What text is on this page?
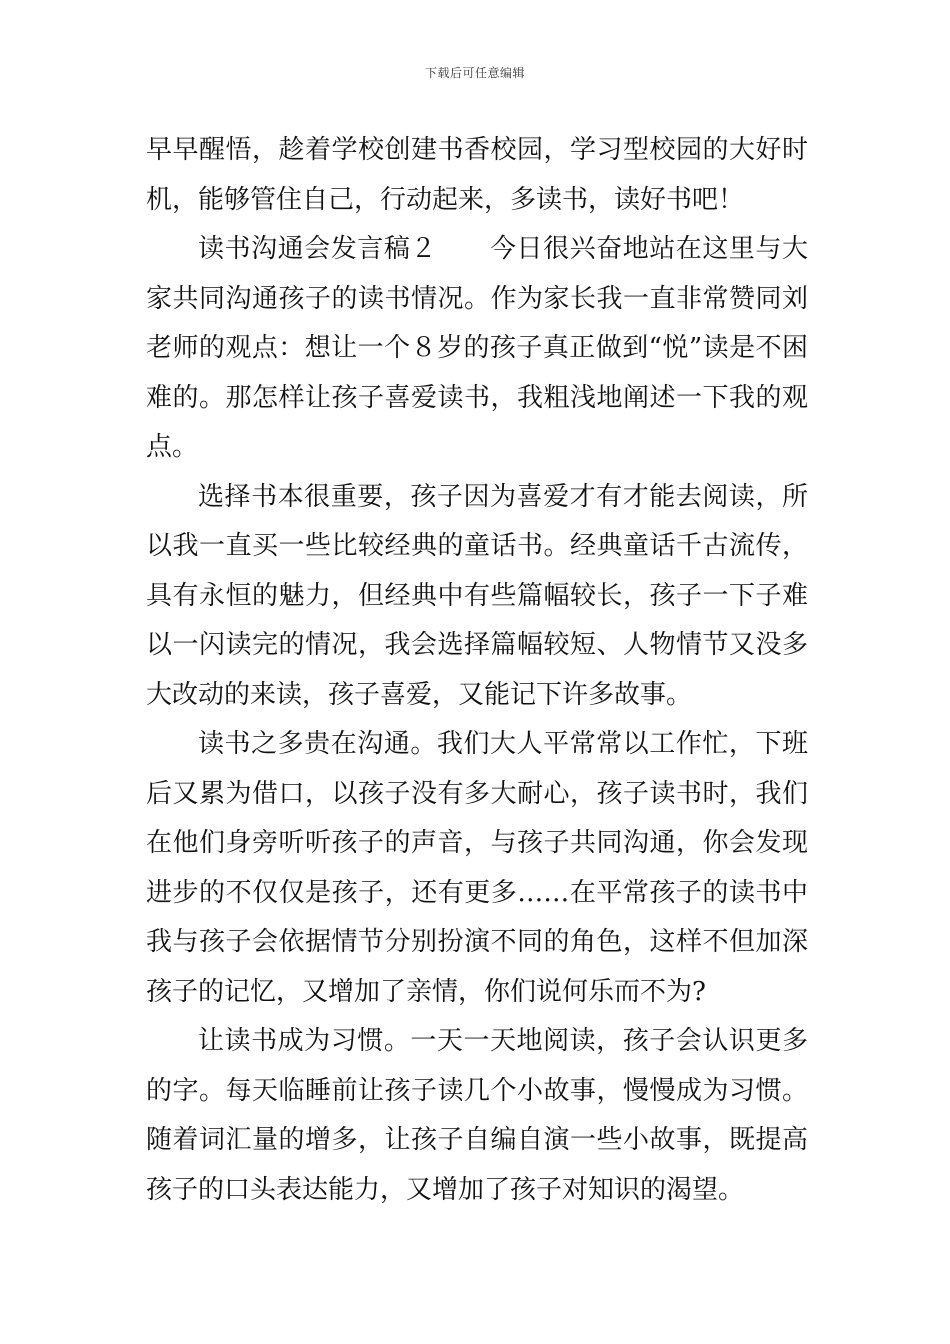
下载后可任意编辑

早早醒悟，趁着学校创建书香校园，学习型校园的大好时机，能够管住自己，行动起来，多读书，读好书吧！

读书沟通会发言稿２　　今日很兴奋地站在这里与大家共同沟通孩子的读书情况。作为家长我一直非常赞同刘老师的观点：想让一个８岁的孩子真正做到“悦”读是不困难的。那怎样让孩子喜爱读书，我粗浅地阐述一下我的观点。

选择书本很重要，孩子因为喜爱才有才能去阅读，所以我一直买一些比较经典的童话书。经典童话千古流传，具有永恒的魅力，但经典中有些篇幅较长，孩子一下子难以一闪读完的情况，我会选择篇幅较短、人物情节又没多大改动的来读，孩子喜爱，又能记下许多故事。

读书之多贵在沟通。我们大人平常常以工作忙，下班后又累为借口，以孩子没有多大耐心，孩子读书时，我们在他们身旁听听孩子的声音，与孩子共同沟通，你会发现进步的不仅仅是孩子，还有更多……在平常孩子的读书中我与孩子会依据情节分别扮演不同的角色，这样不但加深孩子的记忆，又增加了亲情，你们说何乐而不为?

让读书成为习惯。一天一天地阅读，孩子会认识更多的字。每天临睡前让孩子读几个小故事，慢慢成为习惯。随着词汇量的增多，让孩子自编自演一些小故事，既提高孩子的口头表达能力，又增加了孩子对知识的渴望。
